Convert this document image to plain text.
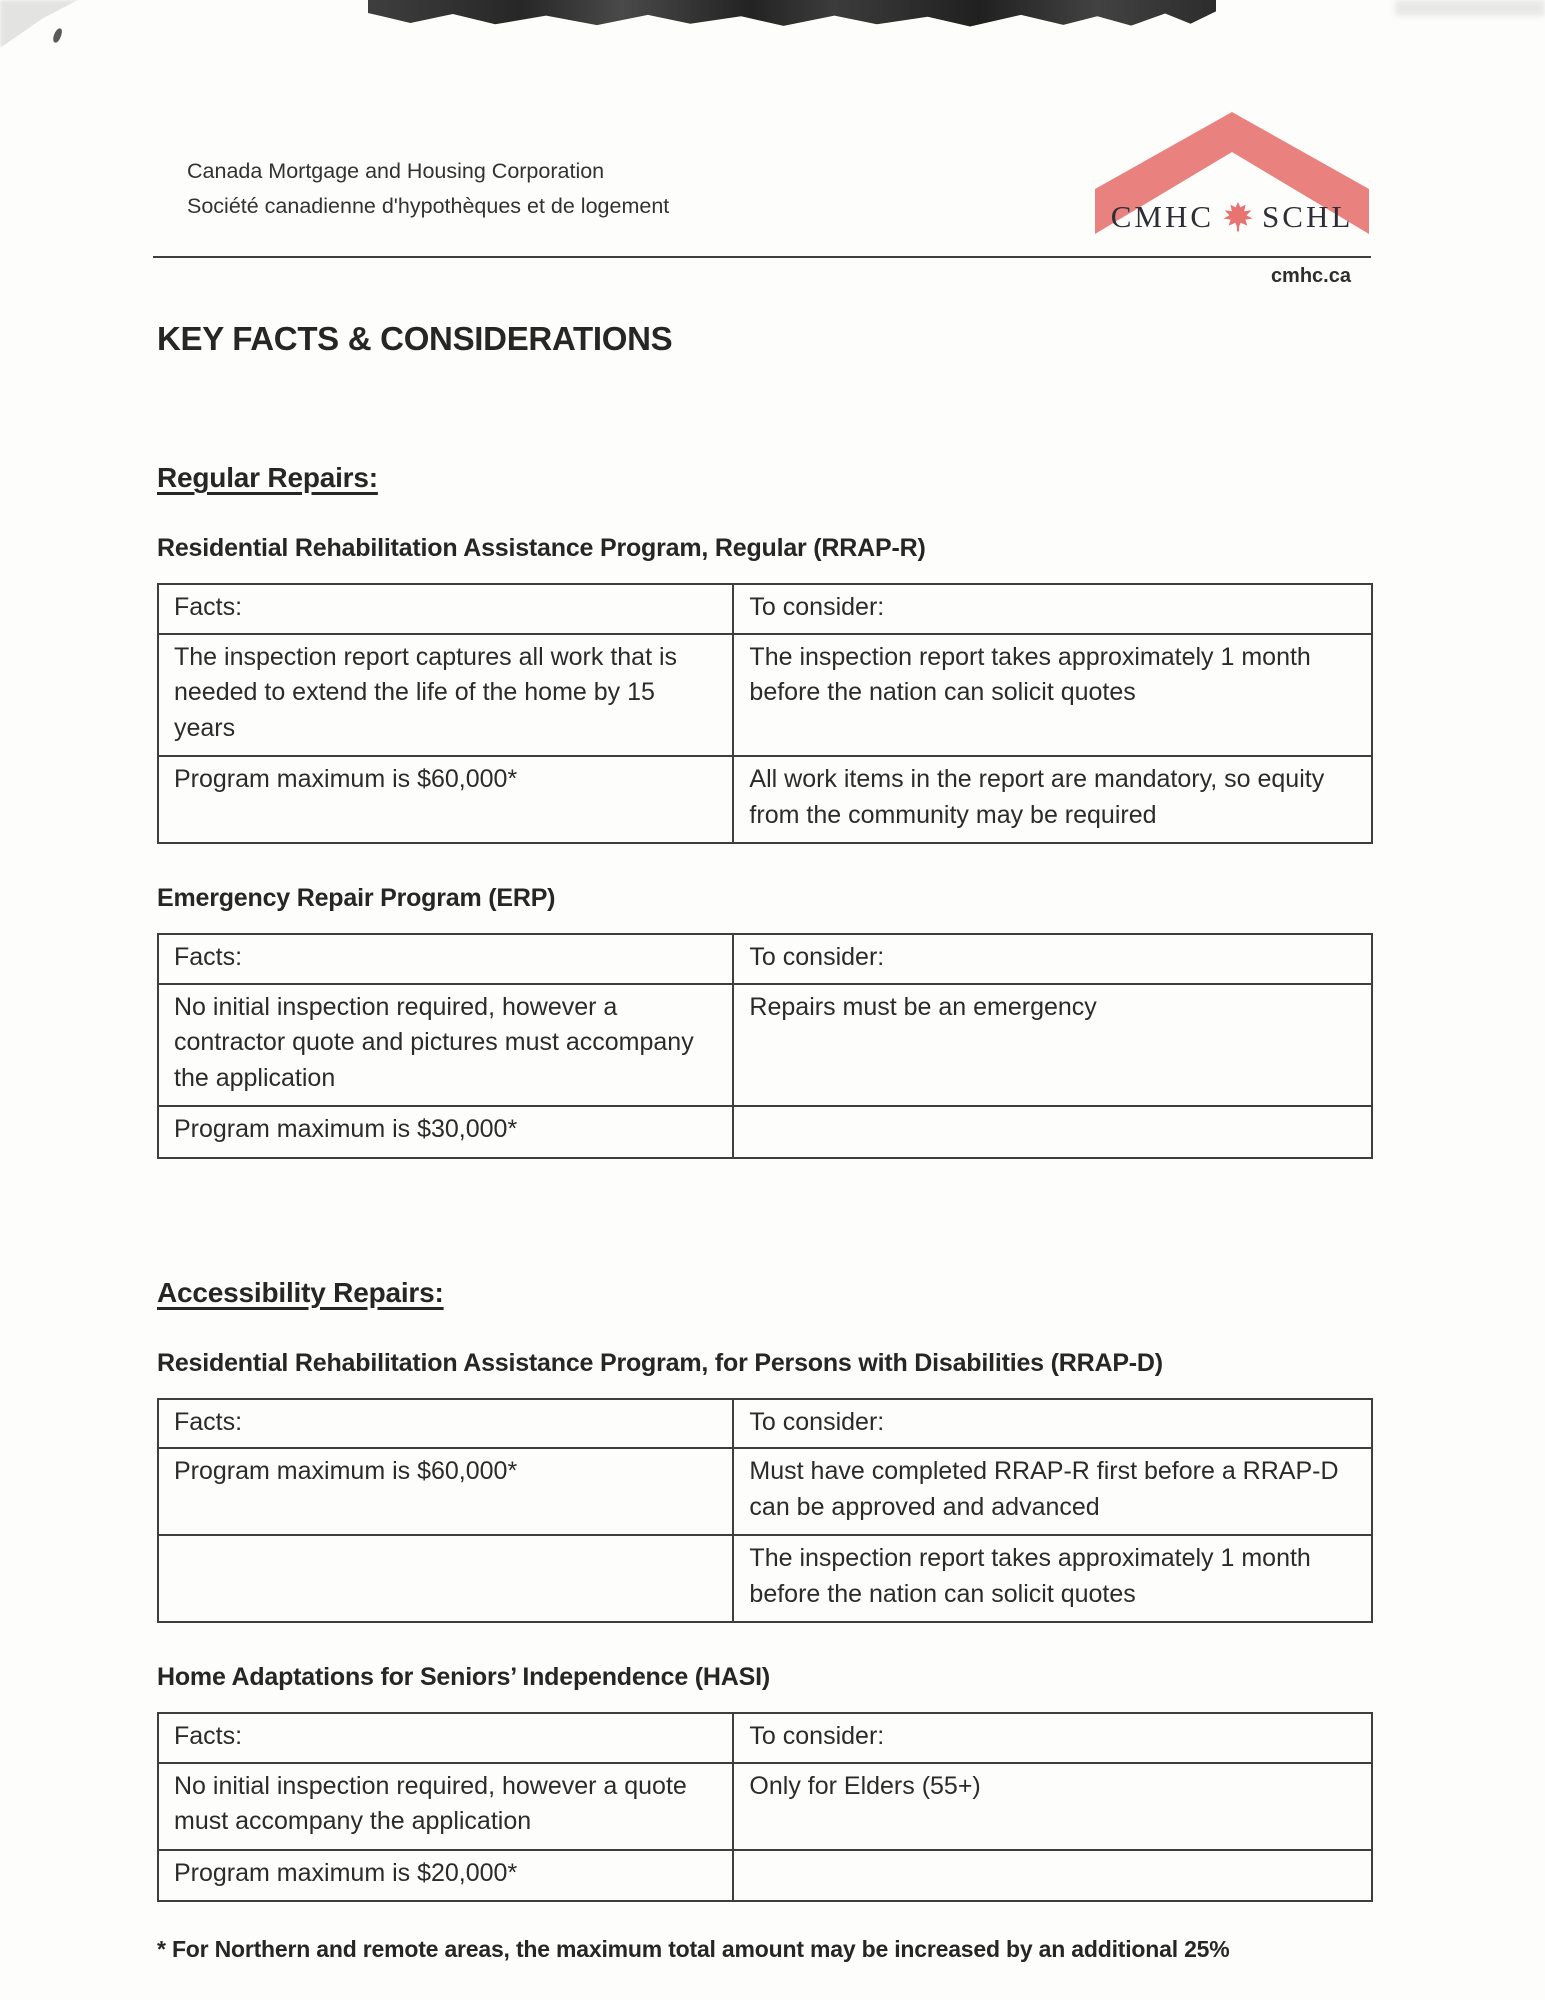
Canada Mortgage and Housing Corporation
Société canadienne d'hypothèques et de logement	CMHC SCHL
cmhc.ca
KEY FACTS & CONSIDERATIONS
Regular Repairs:
Residential Rehabilitation Assistance Program, Regular (RRAP-R)
Facts:	To consider:
The inspection report captures all work that is needed to extend the life of the home by 15 years	The inspection report takes approximately 1 month before the nation can solicit quotes
Program maximum is $60,000*	All work items in the report are mandatory, so equity from the community may be required
Emergency Repair Program (ERP)
Facts:	To consider:
No initial inspection required, however a contractor quote and pictures must accompany the application	Repairs must be an emergency
Program maximum is $30,000*	
Accessibility Repairs:
Residential Rehabilitation Assistance Program, for Persons with Disabilities (RRAP-D)
Facts:	To consider:
Program maximum is $60,000*	Must have completed RRAP-R first before a RRAP-D can be approved and advanced
	The inspection report takes approximately 1 month before the nation can solicit quotes
Home Adaptations for Seniors’ Independence (HASI)
Facts:	To consider:
No initial inspection required, however a quote must accompany the application	Only for Elders (55+)
Program maximum is $20,000*	
* For Northern and remote areas, the maximum total amount may be increased by an additional 25%
